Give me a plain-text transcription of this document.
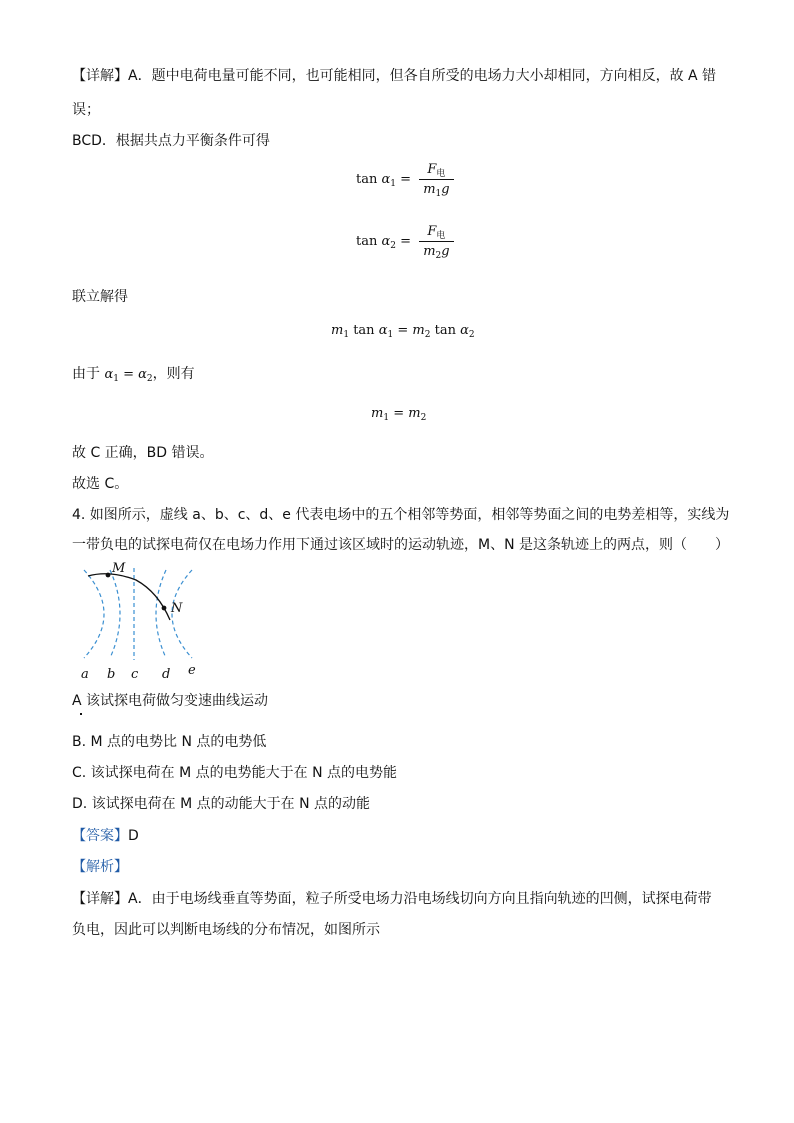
【详解】A．题中电荷电量可能不同，也可能相同，但各自所受的电场力大小却相同，方向相反，故 A 错
误；
BCD．根据共点力平衡条件可得
$\tan \alpha_1 = \frac{F_电}{m_1g}$
$\tan \alpha_2 = \frac{F_电}{m_2g}$
联立解得
$m_1$ $\tan \alpha_1 = m_2$ $\tan \alpha_2$
由于 $\alpha_1 = \alpha_2$，则有
$m_1 = m_2$
故 C 正确，BD 错误。
故选 C。
4. 如图所示，虚线 a、b、c、d、e 代表电场中的五个相邻等势面，相邻等势面之间的电势差相等，实线为
一带负电的试探电荷仅在电场力作用下通过该区域时的运动轨迹，M、N 是这条轨迹上的两点，则（　　）
M
N
a b c d e
A 该试探电荷做匀变速曲线运动
B. M 点的电势比 N 点的电势低
C. 该试探电荷在 M 点的电势能大于在 N 点的电势能
D. 该试探电荷在 M 点的动能大于在 N 点的动能
【答案】D
【解析】
【详解】A．由于电场线垂直等势面，粒子所受电场力沿电场线切向方向且指向轨迹的凹侧，试探电荷带
负电，因此可以判断电场线的分布情况，如图所示
